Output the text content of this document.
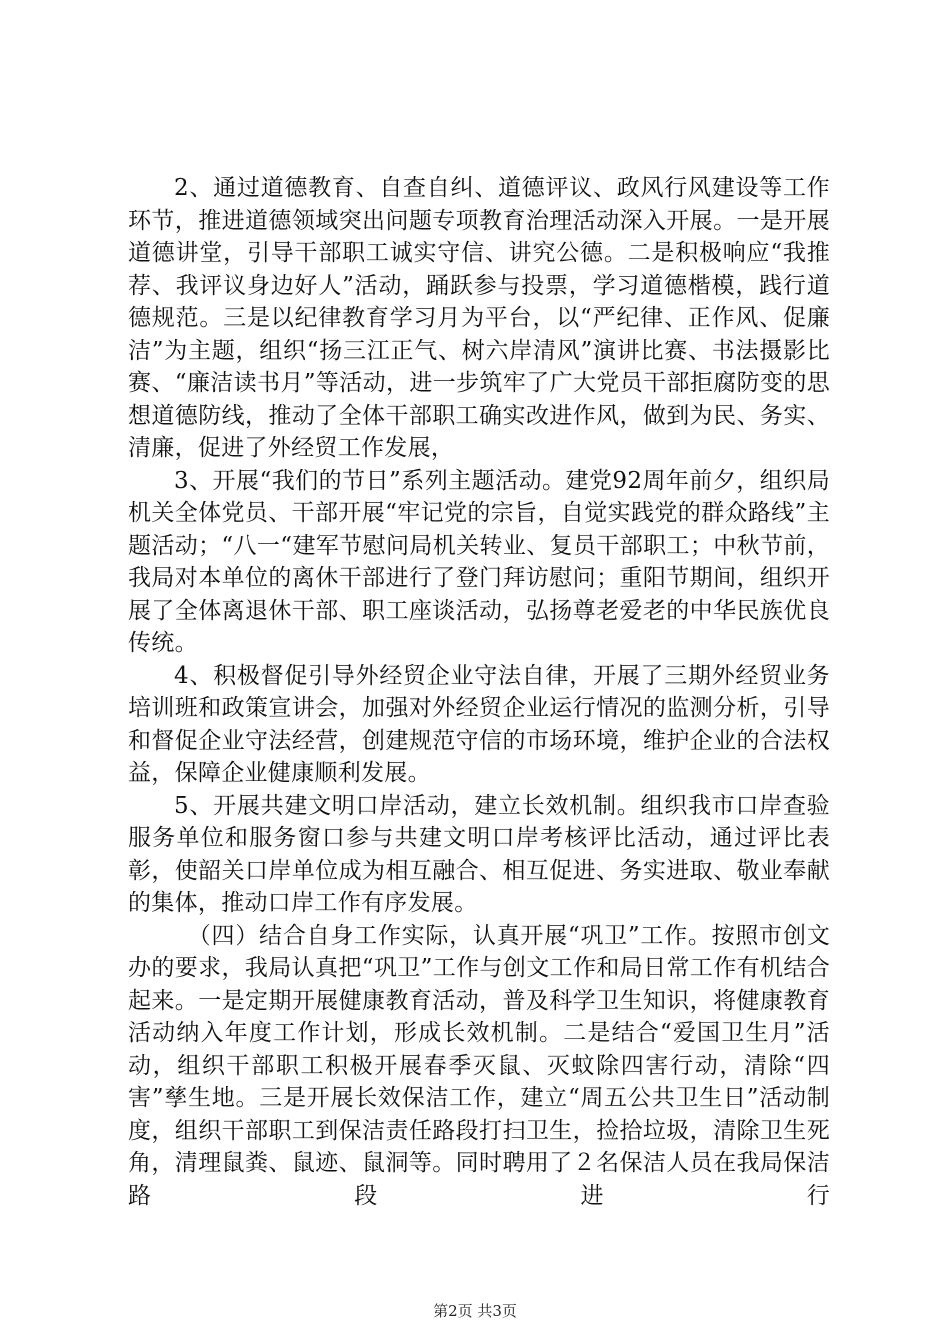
2、通过道德教育、自查自纠、道德评议、政风行风建设等工作环节，推进道德领域突出问题专项教育治理活动深入开展。一是开展道德讲堂，引导干部职工诚实守信、讲究公德。二是积极响应“我推荐、我评议身边好人”活动，踊跃参与投票，学习道德楷模，践行道德规范。三是以纪律教育学习月为平台，以“严纪律、正作风、促廉洁”为主题，组织“扬三江正气、树六岸清风”演讲比赛、书法摄影比赛、“廉洁读书月”等活动，进一步筑牢了广大党员干部拒腐防变的思想道德防线，推动了全体干部职工确实改进作风，做到为民、务实、清廉，促进了外经贸工作发展，

3、开展“我们的节日”系列主题活动。建党92周年前夕，组织局机关全体党员、干部开展“牢记党的宗旨，自觉实践党的群众路线”主题活动；“八一“建军节慰问局机关转业、复员干部职工；中秋节前，我局对本单位的离休干部进行了登门拜访慰问；重阳节期间，组织开展了全体离退休干部、职工座谈活动，弘扬尊老爱老的中华民族优良传统。

4、积极督促引导外经贸企业守法自律，开展了三期外经贸业务培训班和政策宣讲会，加强对外经贸企业运行情况的监测分析，引导和督促企业守法经营，创建规范守信的市场环境，维护企业的合法权益，保障企业健康顺利发展。

5、开展共建文明口岸活动，建立长效机制。组织我市口岸查验服务单位和服务窗口参与共建文明口岸考核评比活动，通过评比表彰，使韶关口岸单位成为相互融合、相互促进、务实进取、敬业奉献的集体，推动口岸工作有序发展。

（四）结合自身工作实际，认真开展“巩卫”工作。按照市创文办的要求，我局认真把“巩卫”工作与创文工作和局日常工作有机结合起来。一是定期开展健康教育活动，普及科学卫生知识，将健康教育活动纳入年度工作计划，形成长效机制。二是结合“爱国卫生月”活动，组织干部职工积极开展春季灭鼠、灭蚊除四害行动，清除“四害”孳生地。三是开展长效保洁工作，建立“周五公共卫生日”活动制度，组织干部职工到保洁责任路段打扫卫生，捡拾垃圾，清除卫生死角，清理鼠粪、鼠迹、鼠洞等。同时聘用了２名保洁人员在我局保洁路段进行

第2页 共3页
